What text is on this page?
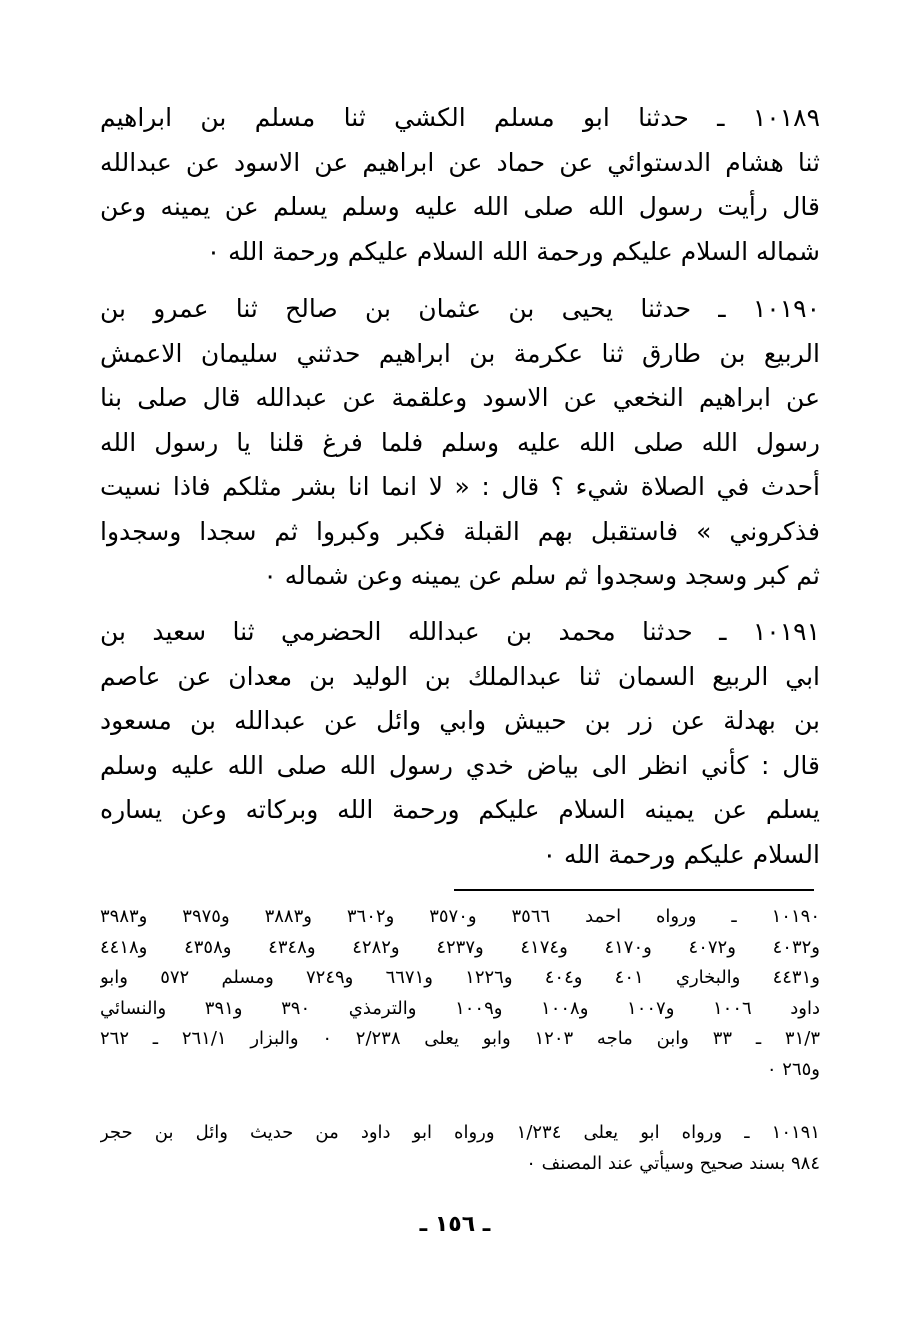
١٠١٨٩ ـ حدثنا ابو مسلم الكشي ثنا مسلم بن ابراهيم
ثنا هشام الدستوائي عن حماد عن ابراهيم عن الاسود عن عبدالله
قال رأيت رسول الله صلى الله عليه وسلم يسلم عن يمينه وعن
شماله السلام عليكم ورحمة الله السلام عليكم ورحمة الله ٠
١٠١٩٠ ـ حدثنا يحيى بن عثمان بن صالح ثنا عمرو بن
الربيع بن طارق ثنا عكرمة بن ابراهيم حدثني سليمان الاعمش
عن ابراهيم النخعي عن الاسود وعلقمة عن عبدالله قال صلى بنا
رسول الله صلى الله عليه وسلم فلما فرغ قلنا يا رسول الله
أحدث في الصلاة شيء ؟ قال : « لا انما انا بشر مثلكم فاذا نسيت
فذكروني » فاستقبل بهم القبلة فكبر وكبروا ثم سجدا وسجدوا
ثم كبر وسجد وسجدوا ثم سلم عن يمينه وعن شماله ٠
١٠١٩١ ـ حدثنا محمد بن عبدالله الحضرمي ثنا سعيد بن
ابي الربيع السمان ثنا عبدالملك بن الوليد بن معدان عن عاصم
بن بهدلة عن زر بن حبيش وابي وائل عن عبدالله بن مسعود
قال : كأني انظر الى بياض خدي رسول الله صلى الله عليه وسلم
يسلم عن يمينه السلام عليكم ورحمة الله وبركاته وعن يساره
السلام عليكم ورحمة الله ٠
١٠١٩٠ ـ ورواه احمد ٣٥٦٦ و٣٥٧٠ و٣٦٠٢ و٣٨٨٣ و٣٩٧٥ و٣٩٨٣
و٤٠٣٢ و٤٠٧٢ و٤١٧٠ و٤١٧٤ و٤٢٣٧ و٤٢٨٢ و٤٣٤٨ و٤٣٥٨ و٤٤١٨
و٤٤٣١ والبخاري ٤٠١ و٤٠٤ و١٢٢٦ و٦٦٧١ و٧٢٤٩ ومسلم ٥٧٢ وابو
داود ١٠٠٦ و١٠٠٧ و١٠٠٨ و١٠٠٩ والترمذي ٣٩٠ و٣٩١ والنسائي
٣١/٣ ـ ٣٣ وابن ماجه ١٢٠٣ وابو يعلى ٢/٢٣٨ ٠ والبزار ٢٦١/١ ـ ٢٦٢
و٢٦٥ ٠
١٠١٩١ ـ ورواه ابو يعلى ١/٢٣٤ ورواه ابو داود من حديث وائل بن حجر
٩٨٤ بسند صحيح وسيأتي عند المصنف ٠
ـ ١٥٦ ـ
